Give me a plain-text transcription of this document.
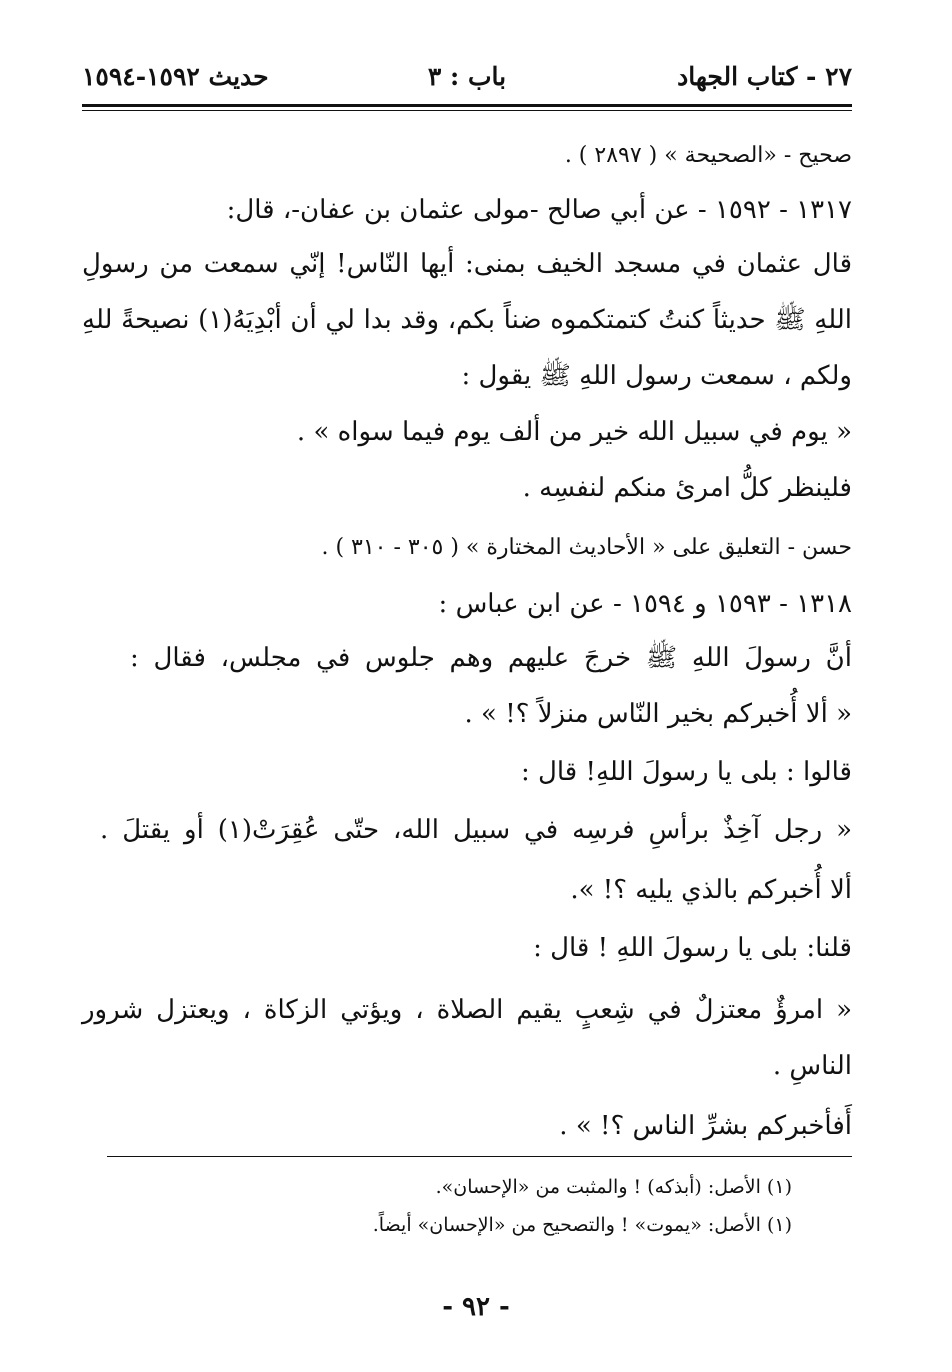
٢٧ - كتاب الجهاد
باب : ٣
حديث ١٥٩٢-١٥٩٤
صحيح - «الصحيحة » ( ٢٨٩٧ ) .
١٣١٧ - ١٥٩٢ - عن أبي صالح -مولى عثمان بن عفان-، قال:
قال عثمان في مسجد الخيف بمنى: أيها النّاس! إنّي سمعت من رسولِ
اللهِ ﷺ حديثاً كنتُ كتمتكموه ضناً بكم، وقد بدا لي أن أبْدِيَهُ(١) نصيحةً للهِ
ولكم ، سمعت رسول اللهِ ﷺ يقول :
« يوم في سبيل الله خير من ألف يوم فيما سواه » .
فلينظر كلُّ امرئ منكم لنفسِه .
حسن - التعليق على « الأحاديث المختارة » ( ٣٠٥ - ٣١٠ ) .
١٣١٨ - ١٥٩٣ و ١٥٩٤ - عن ابن عباس :
أنَّ رسولَ اللهِ ﷺ خرجَ عليهم وهم جلوس في مجلس، فقال :
« ألا أُخبركم بخير النّاس منزلاً ؟! » .
قالوا : بلى يا رسولَ اللهِ! قال :
« رجل آخِذٌ برأسِ فرسِه في سبيل الله، حتّى عُقِرَتْ(١) أو يقتلَ .
ألا أُخبركم بالذي يليه ؟! ».
قلنا: بلى يا رسولَ اللهِ ! قال :
« امرؤٌ معتزلٌ في شِعبٍ يقيم الصلاة ، ويؤتي الزكاة ، ويعتزل شرور
الناسِ .
أَفأخبركم بشرِّ الناس ؟! » .
(١) الأصل: (أبذكه) ! والمثبت من «الإحسان».
(١) الأصل: «يموت» ! والتصحيح من «الإحسان» أيضاً.
- ٩٢ -
